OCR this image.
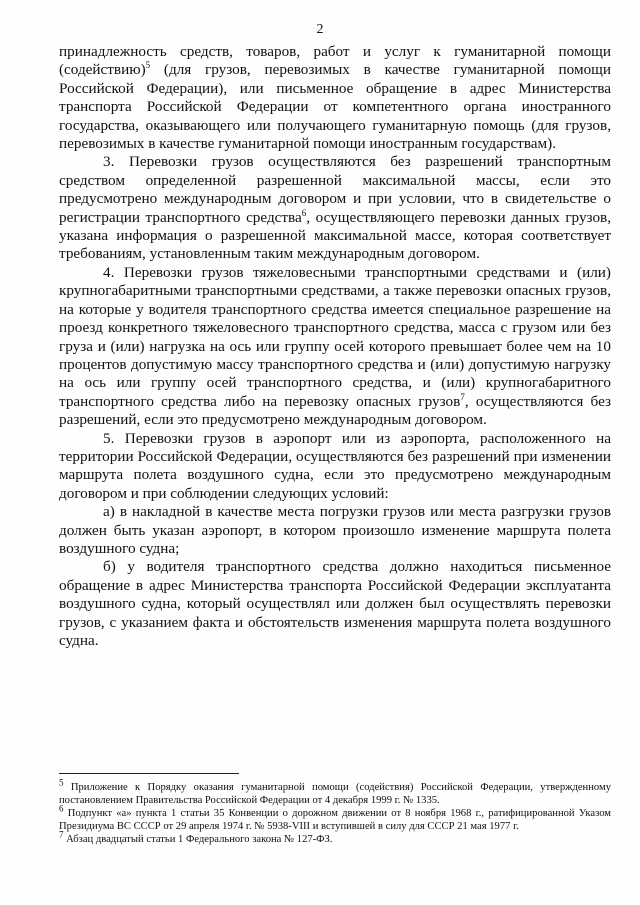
2

принадлежность средств, товаров, работ и услуг к гуманитарной помощи (содействию)$^5$ (для грузов, перевозимых в качестве гуманитарной помощи Российской Федерации), или письменное обращение в адрес Министерства транспорта Российской Федерации от компетентного органа иностранного государства, оказывающего или получающего гуманитарную помощь (для грузов, перевозимых в качестве гуманитарной помощи иностранным государствам).

3. Перевозки грузов осуществляются без разрешений транспортным средством определенной разрешенной максимальной массы, если это предусмотрено международным договором и при условии, что в свидетельстве о регистрации транспортного средства$^6$, осуществляющего перевозки данных грузов, указана информация о разрешенной максимальной массе, которая соответствует требованиям, установленным таким международным договором.

4. Перевозки грузов тяжеловесными транспортными средствами и (или) крупногабаритными транспортными средствами, а также перевозки опасных грузов, на которые у водителя транспортного средства имеется специальное разрешение на проезд конкретного тяжеловесного транспортного средства, масса с грузом или без груза и (или) нагрузка на ось или группу осей которого превышает более чем на 10 процентов допустимую массу транспортного средства и (или) допустимую нагрузку на ось или группу осей транспортного средства, и (или) крупногабаритного транспортного средства либо на перевозку опасных грузов$^7$, осуществляются без разрешений, если это предусмотрено международным договором.

5. Перевозки грузов в аэропорт или из аэропорта, расположенного на территории Российской Федерации, осуществляются без разрешений при изменении маршрута полета воздушного судна, если это предусмотрено международным договором и при соблюдении следующих условий:

а) в накладной в качестве места погрузки грузов или места разгрузки грузов должен быть указан аэропорт, в котором произошло изменение маршрута полета воздушного судна;

б) у водителя транспортного средства должно находиться письменное обращение в адрес Министерства транспорта Российской Федерации эксплуатанта воздушного судна, который осуществлял или должен был осуществлять перевозки грузов, с указанием факта и обстоятельств изменения маршрута полета воздушного судна.

$^5$ Приложение к Порядку оказания гуманитарной помощи (содействия) Российской Федерации, утвержденному постановлением Правительства Российской Федерации от 4 декабря 1999 г. № 1335.

$^6$ Подпункт «а» пункта 1 статьи 35 Конвенции о дорожном движении от 8 ноября 1968 г., ратифицированной Указом Президиума ВС СССР от 29 апреля 1974 г. № 5938-VIII и вступившей в силу для СССР 21 мая 1977 г.

$^7$ Абзац двадцатый статьи 1 Федерального закона № 127-ФЗ.
